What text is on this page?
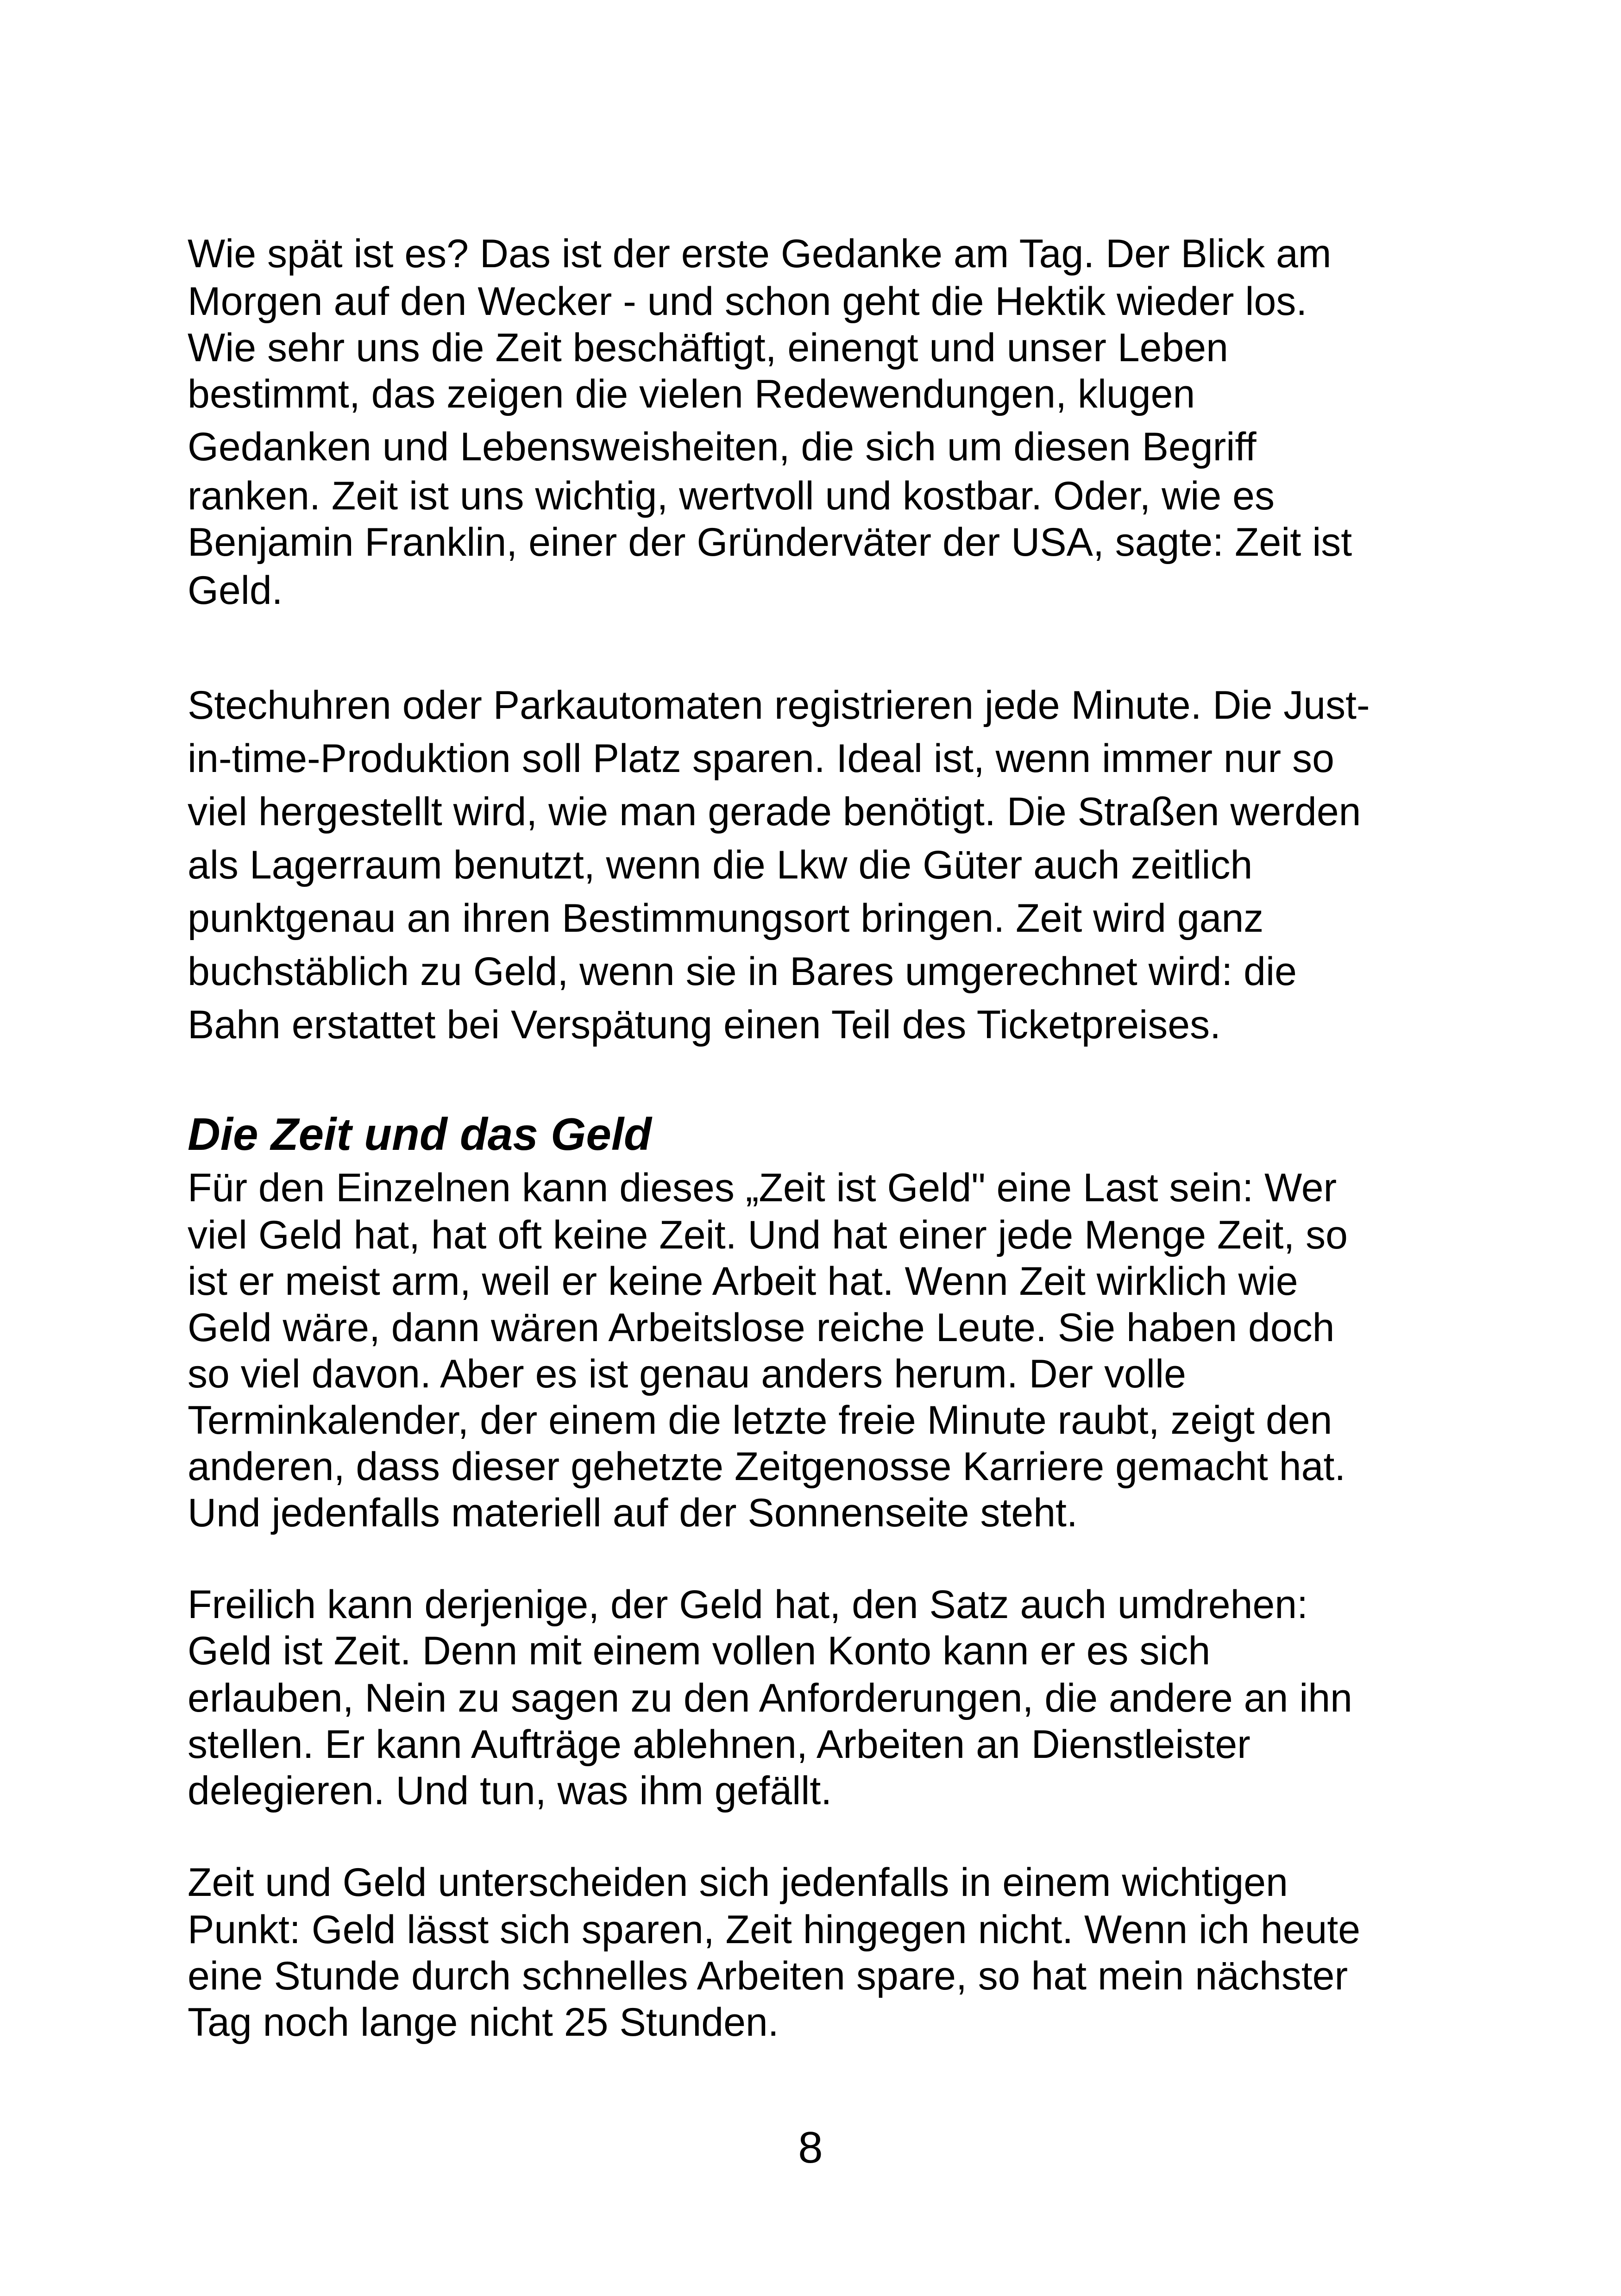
Wie spät ist es? Das ist der erste Gedanke am Tag. Der Blick am
Morgen auf den Wecker - und schon geht die Hektik wieder los.
Wie sehr uns die Zeit beschäftigt, einengt und unser Leben
bestimmt, das zeigen die vielen Redewendungen, klugen
Gedanken und Lebensweisheiten, die sich um diesen Begriff
ranken. Zeit ist uns wichtig, wertvoll und kostbar. Oder, wie es
Benjamin Franklin, einer der Gründerväter der USA, sagte: Zeit ist
Geld.
Stechuhren oder Parkautomaten registrieren jede Minute. Die Just-
in-time-Produktion soll Platz sparen. Ideal ist, wenn immer nur so
viel hergestellt wird, wie man gerade benötigt. Die Straßen werden
als Lagerraum benutzt, wenn die Lkw die Güter auch zeitlich
punktgenau an ihren Bestimmungsort bringen. Zeit wird ganz
buchstäblich zu Geld, wenn sie in Bares umgerechnet wird: die
Bahn erstattet bei Verspätung einen Teil des Ticketpreises.
Die Zeit und das Geld
Für den Einzelnen kann dieses „Zeit ist Geld" eine Last sein: Wer
viel Geld hat, hat oft keine Zeit. Und hat einer jede Menge Zeit, so
ist er meist arm, weil er keine Arbeit hat. Wenn Zeit wirklich wie
Geld wäre, dann wären Arbeitslose reiche Leute. Sie haben doch
so viel davon. Aber es ist genau anders herum. Der volle
Terminkalender, der einem die letzte freie Minute raubt, zeigt den
anderen, dass dieser gehetzte Zeitgenosse Karriere gemacht hat.
Und jedenfalls materiell auf der Sonnenseite steht.
Freilich kann derjenige, der Geld hat, den Satz auch umdrehen:
Geld ist Zeit. Denn mit einem vollen Konto kann er es sich
erlauben, Nein zu sagen zu den Anforderungen, die andere an ihn
stellen. Er kann Aufträge ablehnen, Arbeiten an Dienstleister
delegieren. Und tun, was ihm gefällt.
Zeit und Geld unterscheiden sich jedenfalls in einem wichtigen
Punkt: Geld lässt sich sparen, Zeit hingegen nicht. Wenn ich heute
eine Stunde durch schnelles Arbeiten spare, so hat mein nächster
Tag noch lange nicht 25 Stunden.
8
